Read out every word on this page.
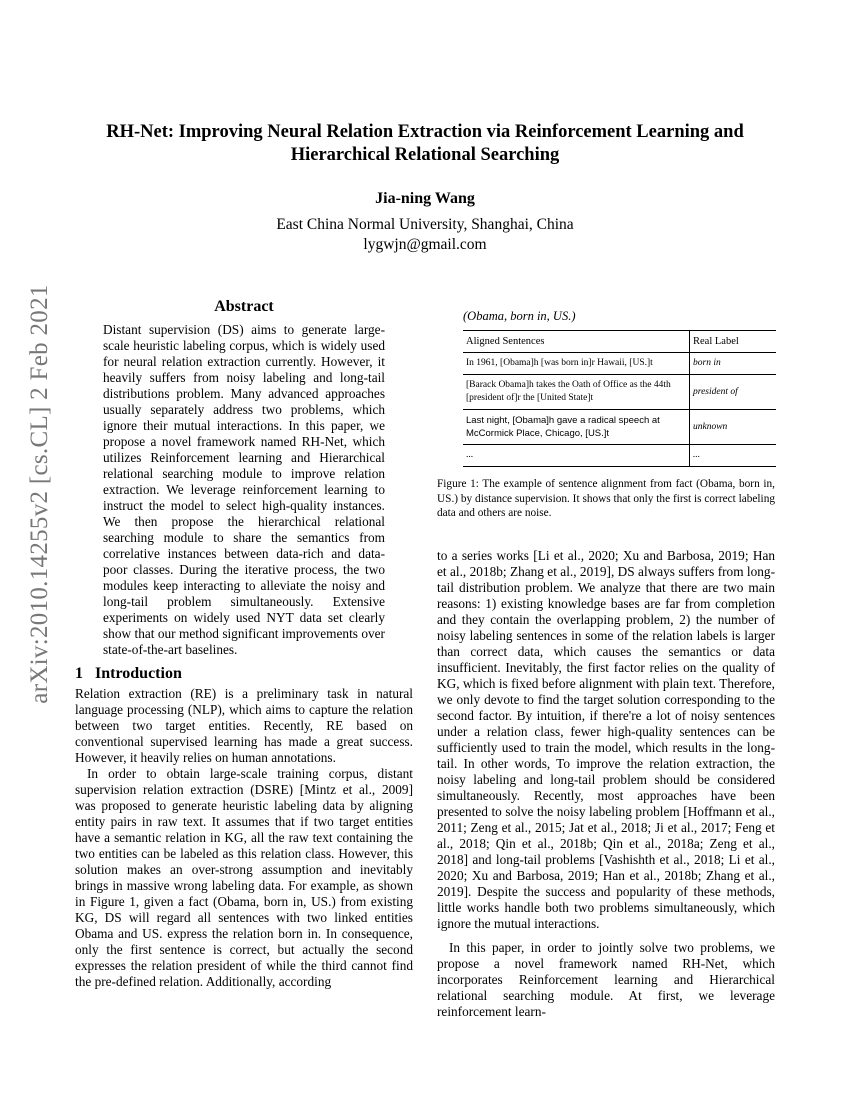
arXiv:2010.14255v2 [cs.CL] 2 Feb 2021
RH-Net: Improving Neural Relation Extraction via Reinforcement Learning and Hierarchical Relational Searching
Jia-ning Wang
East China Normal University, Shanghai, China
lygwjn@gmail.com
Abstract
Distant supervision (DS) aims to generate large-scale heuristic labeling corpus, which is widely used for neural relation extraction currently. However, it heavily suffers from noisy labeling and long-tail distributions problem. Many advanced approaches usually separately address two problems, which ignore their mutual interactions. In this paper, we propose a novel framework named RH-Net, which utilizes Reinforcement learning and Hierarchical relational searching module to improve relation extraction. We leverage reinforcement learning to instruct the model to select high-quality instances. We then propose the hierarchical relational searching module to share the semantics from correlative instances between data-rich and data-poor classes. During the iterative process, the two modules keep interacting to alleviate the noisy and long-tail problem simultaneously. Extensive experiments on widely used NYT data set clearly show that our method significant improvements over state-of-the-art baselines.
1 Introduction

Relation extraction (RE) is a preliminary task in natural language processing (NLP), which aims to capture the relation between two target entities. Recently, RE based on conventional supervised learning has made a great success. However, it heavily relies on human annotations.

In order to obtain large-scale training corpus, distant supervision relation extraction (DSRE) [Mintz et al., 2009] was proposed to generate heuristic labeling data by aligning entity pairs in raw text. It assumes that if two target entities have a semantic relation in KG, all the raw text containing the two entities can be labeled as this relation class. However, this solution makes an over-strong assumption and inevitably brings in massive wrong labeling data. For example, as shown in Figure 1, given a fact (Obama, born in, US.) from existing KG, DS will regard all sentences with two linked entities Obama and US. express the relation born in. In consequence, only the first sentence is correct, but actually the second expresses the relation president of while the third cannot find the pre-defined relation. Additionally, according

(Obama, born in, US.)
Aligned Sentences	Real Label
In 1961, [Obama]h [was born in]r Hawaii, [US.]t	born in
[Barack Obama]h takes the Oath of Office as the 44th [president of]r the [United State]t	president of
Last night, [Obama]h gave a radical speech at McCormick Place, Chicago, [US.]t	unknown
...	...
Figure 1: The example of sentence alignment from fact (Obama, born in, US.) by distance supervision. It shows that only the first is correct labeling data and others are noise.

to a series works [Li et al., 2020; Xu and Barbosa, 2019; Han et al., 2018b; Zhang et al., 2019], DS always suffers from long-tail distribution problem. We analyze that there are two main reasons: 1) existing knowledge bases are far from completion and they contain the overlapping problem, 2) the number of noisy labeling sentences in some of the relation labels is larger than correct data, which causes the semantics or data insufficient. Inevitably, the first factor relies on the quality of KG, which is fixed before alignment with plain text. Therefore, we only devote to find the target solution corresponding to the second factor. By intuition, if there're a lot of noisy sentences under a relation class, fewer high-quality sentences can be sufficiently used to train the model, which results in the long-tail. In other words, To improve the relation extraction, the noisy labeling and long-tail problem should be considered simultaneously. Recently, most approaches have been presented to solve the noisy labeling problem [Hoffmann et al., 2011; Zeng et al., 2015; Jat et al., 2018; Ji et al., 2017; Feng et al., 2018; Qin et al., 2018b; Qin et al., 2018a; Zeng et al., 2018] and long-tail problems [Vashishth et al., 2018; Li et al., 2020; Xu and Barbosa, 2019; Han et al., 2018b; Zhang et al., 2019]. Despite the success and popularity of these methods, little works handle both two problems simultaneously, which ignore the mutual interactions.

In this paper, in order to jointly solve two problems, we propose a novel framework named RH-Net, which incorporates Reinforcement learning and Hierarchical relational searching module. At first, we leverage reinforcement learn-
